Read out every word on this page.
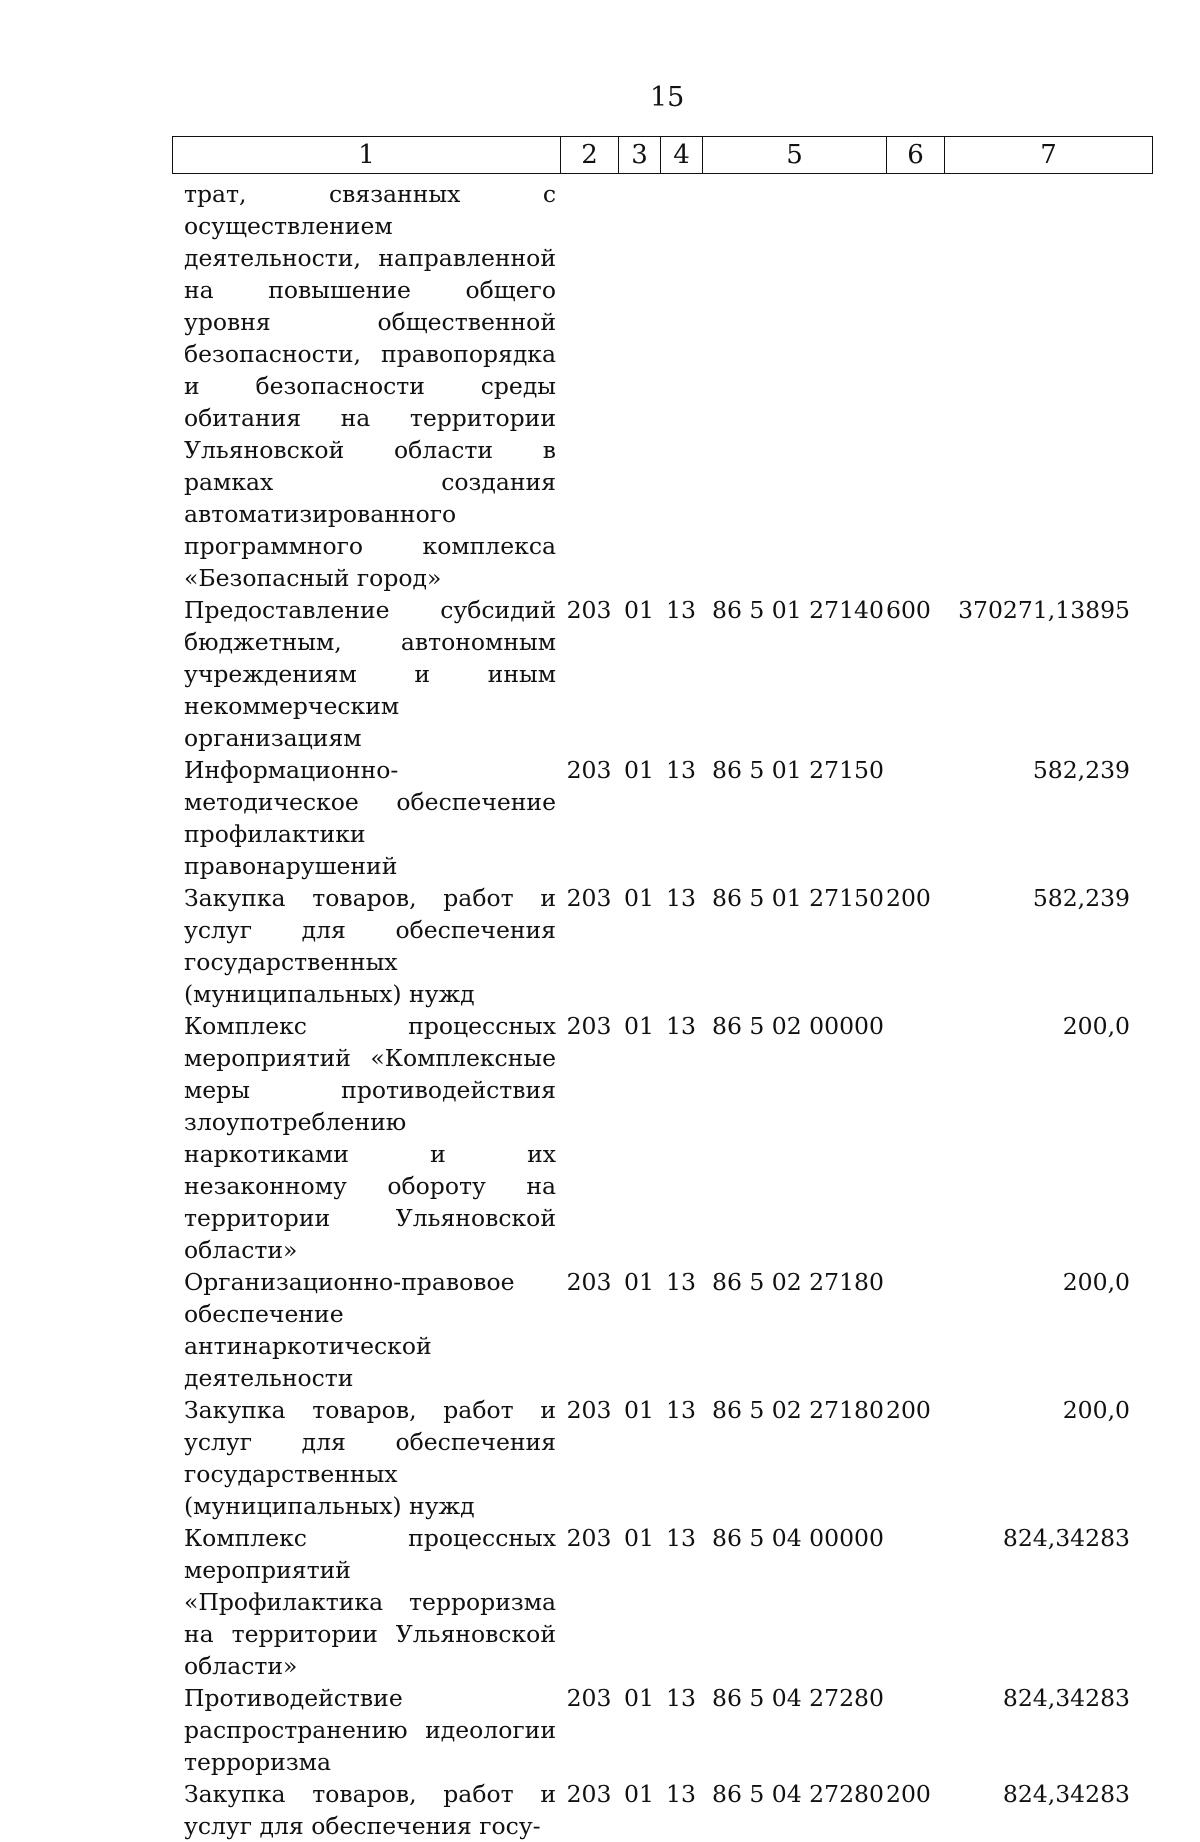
15
1	2	3	4	5	6	7
трат, связанных с осуществлением деятельности, направленной на повышение общего уровня общественной безопасности, правопорядка и безопасности среды обитания на территории Ульяновской области в рамках создания автоматизированного программного комплекса «Безопасный город»						
Предоставление субсидий бюджетным, автономным учреждениям и иным некоммерческим организациям	203	01	13	86 5 01 27140	600	370271,13895
Информационно-методическое обеспечение профилактики правонарушений	203	01	13	86 5 01 27150		582,239
Закупка товаров, работ и услуг для обеспечения государственных (муниципальных) нужд	203	01	13	86 5 01 27150	200	582,239
Комплекс процессных мероприятий «Комплексные меры противодействия злоупотреблению наркотиками и их незаконному обороту на территории Ульяновской области»	203	01	13	86 5 02 00000		200,0
Организационно-правовое обеспечение антинаркотической деятельности	203	01	13	86 5 02 27180		200,0
Закупка товаров, работ и услуг для обеспечения государственных (муниципальных) нужд	203	01	13	86 5 02 27180	200	200,0
Комплекс процессных мероприятий «Профилактика терроризма на территории Ульяновской области»	203	01	13	86 5 04 00000		824,34283
Противодействие распространению идеологии терроризма	203	01	13	86 5 04 27280		824,34283
Закупка товаров, работ и услуг для обеспечения госу-	203	01	13	86 5 04 27280	200	824,34283
